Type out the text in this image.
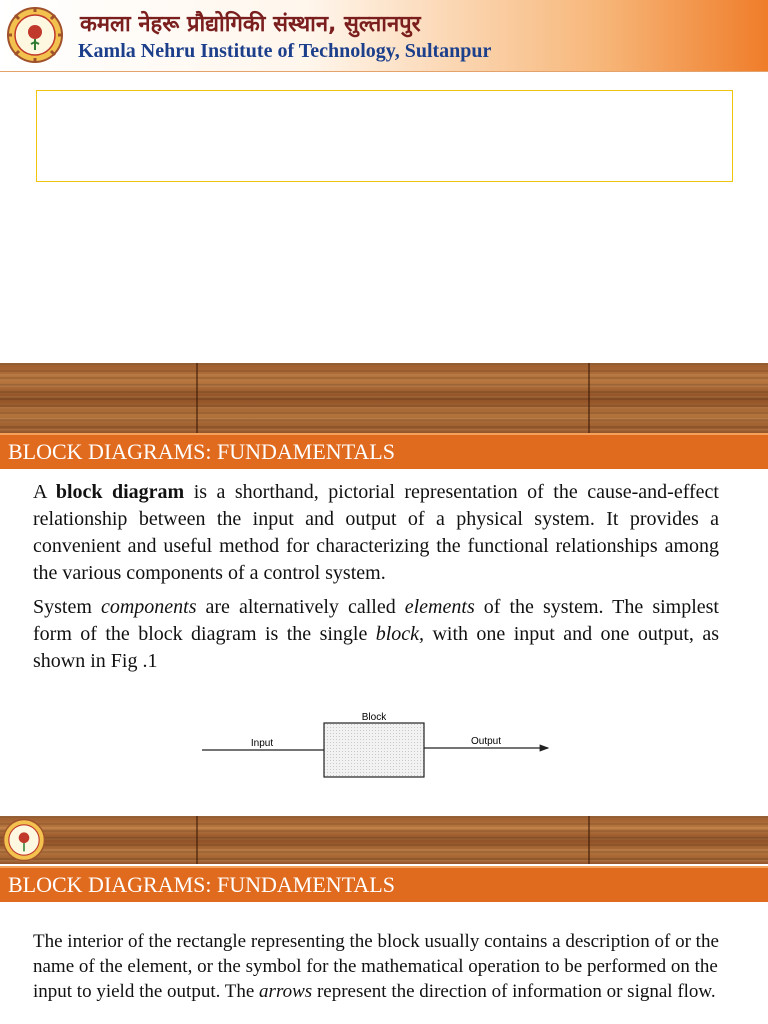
कमला नेहरू प्रौद्योगिकी संस्थान, सुल्तानपुर
Kamla Nehru Institute of Technology, Sultanpur
BLOCK DIAGRAMS: FUNDAMENTALS

A block diagram is a shorthand, pictorial representation of the cause-and-effect relationship between the input and output of a physical system. It provides a convenient and useful method for characterizing the functional relationships among the various components of a control system.

System components are alternatively called elements of the system. The simplest form of the block diagram is the single block, with one input and one output, as shown in Fig .1

Block
Input	Output
BLOCK DIAGRAMS: FUNDAMENTALS

The interior of the rectangle representing the block usually contains a description of or the name of the element, or the symbol for the mathematical operation to be performed on the input to yield the output. The arrows represent the direction of information or signal flow.
